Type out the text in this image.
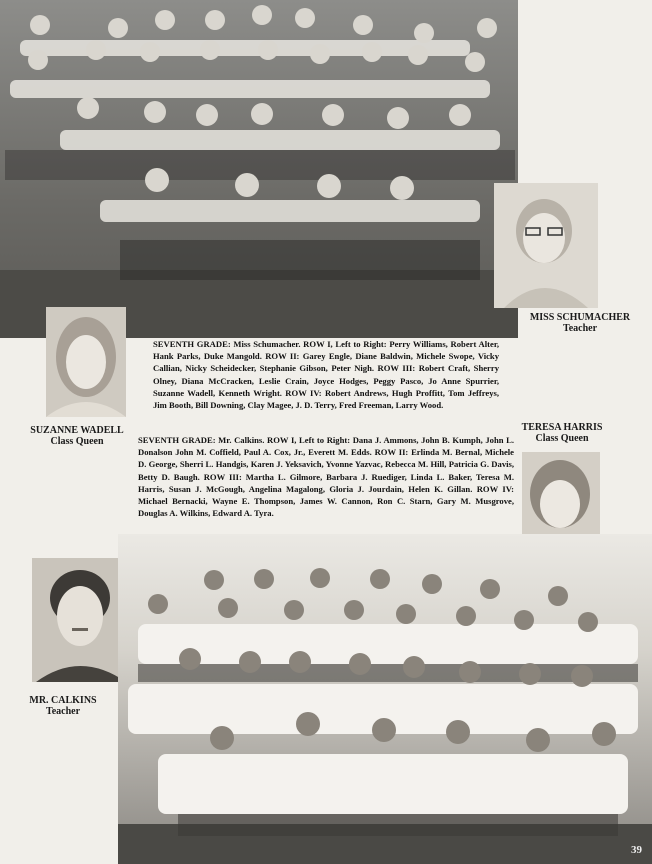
MISS SCHUMACHER
Teacher
SUZANNE WADELL
Class Queen
SEVENTH GRADE: Miss Schumacher. ROW I, Left to Right: Perry Williams, Robert Alter, Hank Parks, Duke Mangold. ROW II: Garey Engle, Diane Baldwin, Michele Swope, Vicky Callian, Nicky Scheidecker, Stephanie Gibson, Peter Nigh. ROW III: Robert Craft, Sherry Olney, Diana McCracken, Leslie Crain, Joyce Hodges, Peggy Pasco, Jo Anne Spurrier, Suzanne Wadell, Kenneth Wright. ROW IV: Robert Andrews, Hugh Proffitt, Tom Jeffreys, Jim Booth, Bill Downing, Clay Magee, J. D. Terry, Fred Freeman, Larry Wood.
TERESA HARRIS
Class Queen
SEVENTH GRADE: Mr. Calkins. ROW I, Left to Right: Dana J. Ammons, John B. Kumph, John L. Donalson John M. Coffield, Paul A. Cox, Jr., Everett M. Edds. ROW II: Erlinda M. Bernal, Michele D. George, Sherri L. Handgis, Karen J. Yeksavich, Yvonne Yazvac, Rebecca M. Hill, Patricia G. Davis, Betty D. Baugh. ROW III: Martha L. Gilmore, Barbara J. Ruediger, Linda L. Baker, Teresa M. Harris, Susan J. McGough, Angelina Magalong, Gloria J. Jourdain, Helen K. Gillan. ROW IV: Michael Bernacki, Wayne E. Thompson, James W. Cannon, Ron C. Starn, Gary M. Musgrove, Douglas A. Wilkins, Edward A. Tyra.
MR. CALKINS
Teacher
39
